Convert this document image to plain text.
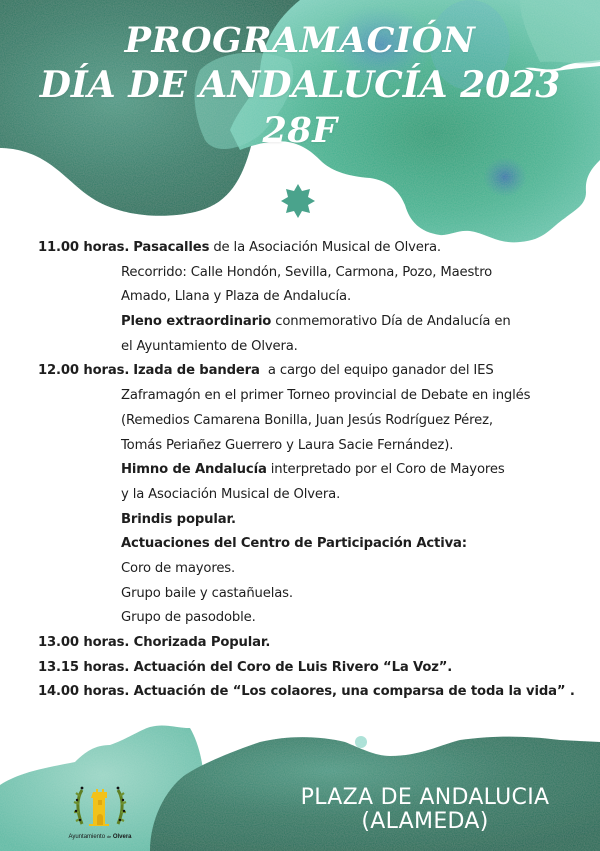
PROGRAMACIÓN
DÍA DE ANDALUCÍA 2023
28F
11.00 horas. Pasacalles de la Asociación Musical de Olvera.
Recorrido: Calle Hondón, Sevilla, Carmona, Pozo, Maestro
Amado, Llana y Plaza de Andalucía.
Pleno extraordinario conmemorativo Día de Andalucía en
el Ayuntamiento de Olvera.
12.00 horas. Izada de bandera  a cargo del equipo ganador del IES
Zaframagón en el primer Torneo provincial de Debate en inglés
(Remedios Camarena Bonilla, Juan Jesús Rodríguez Pérez,
Tomás Periañez Guerrero y Laura Sacie Fernández).
Himno de Andalucía interpretado por el Coro de Mayores
y la Asociación Musical de Olvera.
Brindis popular.
Actuaciones del Centro de Participación Activa:
Coro de mayores.
Grupo baile y castañuelas.
Grupo de pasodoble.
13.00 horas. Chorizada Popular.
13.15 horas. Actuación del Coro de Luis Rivero “La Voz”.
14.00 horas. Actuación de “Los colaores, una comparsa de toda la vida” .
Ayuntamiento de Olvera
PLAZA DE ANDALUCIA
(ALAMEDA)
